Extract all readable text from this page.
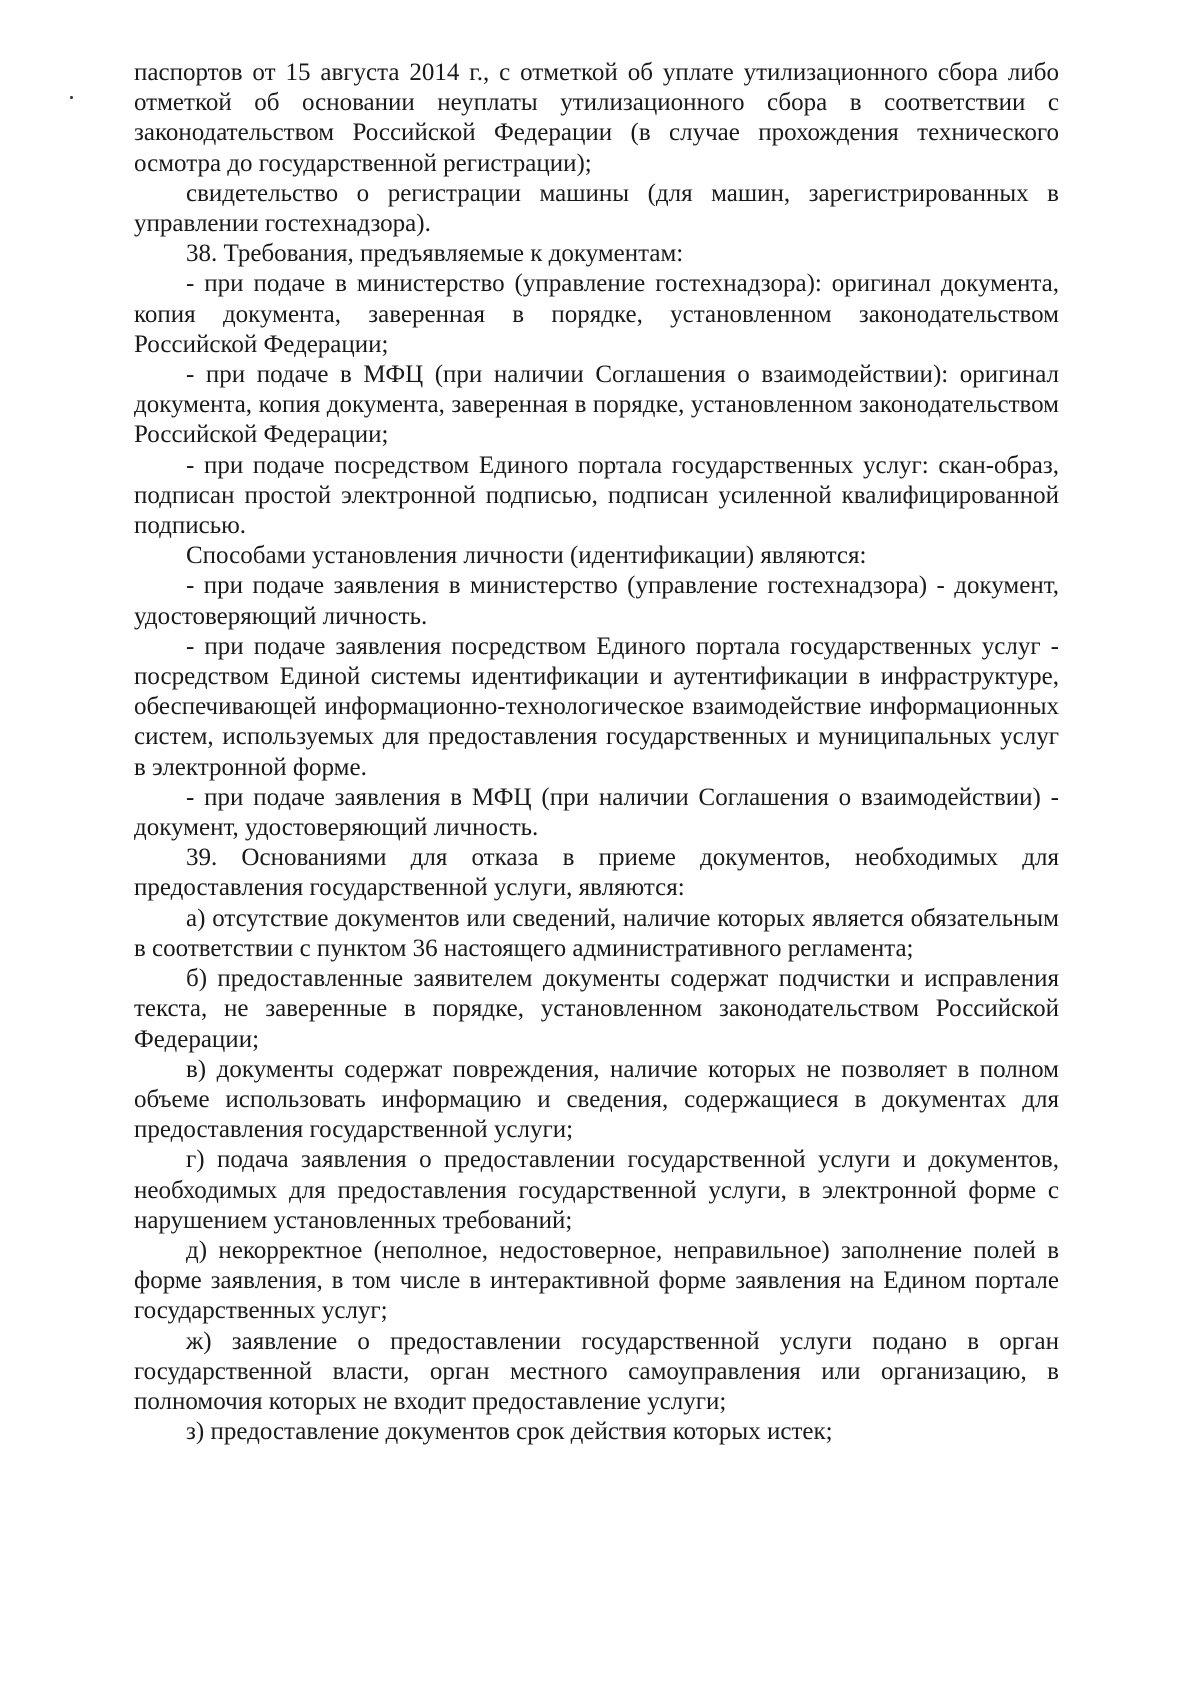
паспортов от 15 августа 2014 г., с отметкой об уплате утилизационного сбора либо отметкой об основании неуплаты утилизационного сбора в соответствии с законодательством Российской Федерации (в случае прохождения технического осмотра до государственной регистрации);

свидетельство о регистрации машины (для машин, зарегистрированных в управлении гостехнадзора).

38. Требования, предъявляемые к документам:

- при подаче в министерство (управление гостехнадзора): оригинал документа, копия документа, заверенная в порядке, установленном законодательством Российской Федерации;

- при подаче в МФЦ (при наличии Соглашения о взаимодействии): оригинал документа, копия документа, заверенная в порядке, установленном законодательством Российской Федерации;

- при подаче посредством Единого портала государственных услуг: скан-образ, подписан простой электронной подписью, подписан усиленной квалифицированной подписью.

Способами установления личности (идентификации) являются:

- при подаче заявления в министерство (управление гостехнадзора) - документ, удостоверяющий личность.

- при подаче заявления посредством Единого портала государственных услуг - посредством Единой системы идентификации и аутентификации в инфраструктуре, обеспечивающей информационно-технологическое взаимодействие информационных систем, используемых для предоставления государственных и муниципальных услуг в электронной форме.

- при подаче заявления в МФЦ (при наличии Соглашения о взаимодействии) - документ, удостоверяющий личность.

39. Основаниями для отказа в приеме документов, необходимых для предоставления государственной услуги, являются:

а) отсутствие документов или сведений, наличие которых является обязательным в соответствии с пунктом 36 настоящего административного регламента;

б) предоставленные заявителем документы содержат подчистки и исправления текста, не заверенные в порядке, установленном законодательством Российской Федерации;

в) документы содержат повреждения, наличие которых не позволяет в полном объеме использовать информацию и сведения, содержащиеся в документах для предоставления государственной услуги;

г) подача заявления о предоставлении государственной услуги и документов, необходимых для предоставления государственной услуги, в электронной форме с нарушением установленных требований;

д) некорректное (неполное, недостоверное, неправильное) заполнение полей в форме заявления, в том числе в интерактивной форме заявления на Едином портале государственных услуг;

ж) заявление о предоставлении государственной услуги подано в орган государственной власти, орган местного самоуправления или организацию, в полномочия которых не входит предоставление услуги;

з) предоставление документов срок действия которых истек;
